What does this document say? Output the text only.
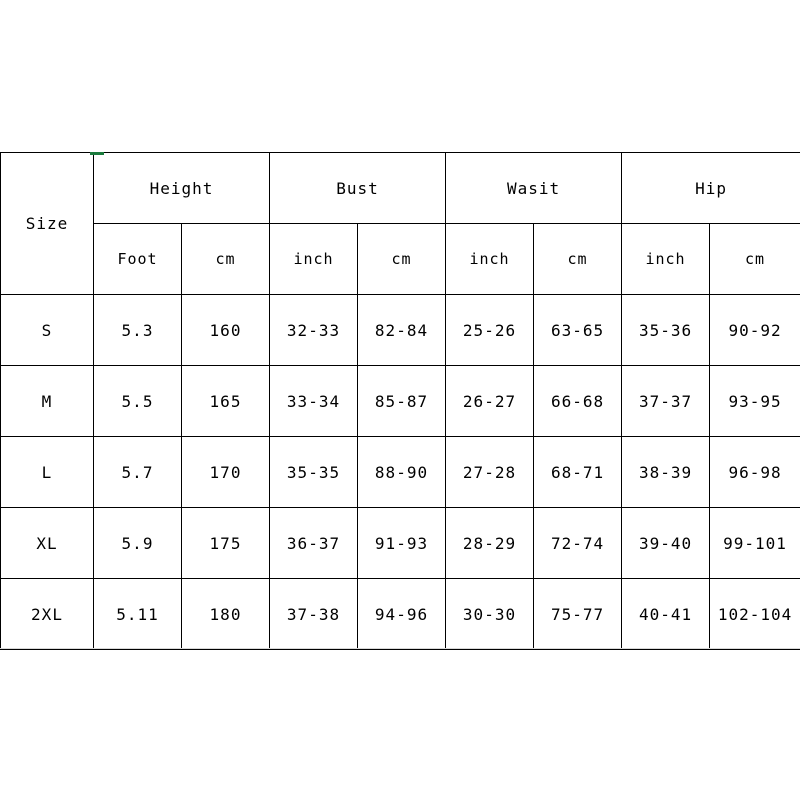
Size	Height		Bust		Wasit		Hip	
	Foot	cm	inch	cm	inch	cm	inch	cm
S	5.3	160	32-33	82-84	25-26	63-65	35-36	90-92
M	5.5	165	33-34	85-87	26-27	66-68	37-37	93-95
L	5.7	170	35-35	88-90	27-28	68-71	38-39	96-98
XL	5.9	175	36-37	91-93	28-29	72-74	39-40	99-101
2XL	5.11	180	37-38	94-96	30-30	75-77	40-41	102-104
